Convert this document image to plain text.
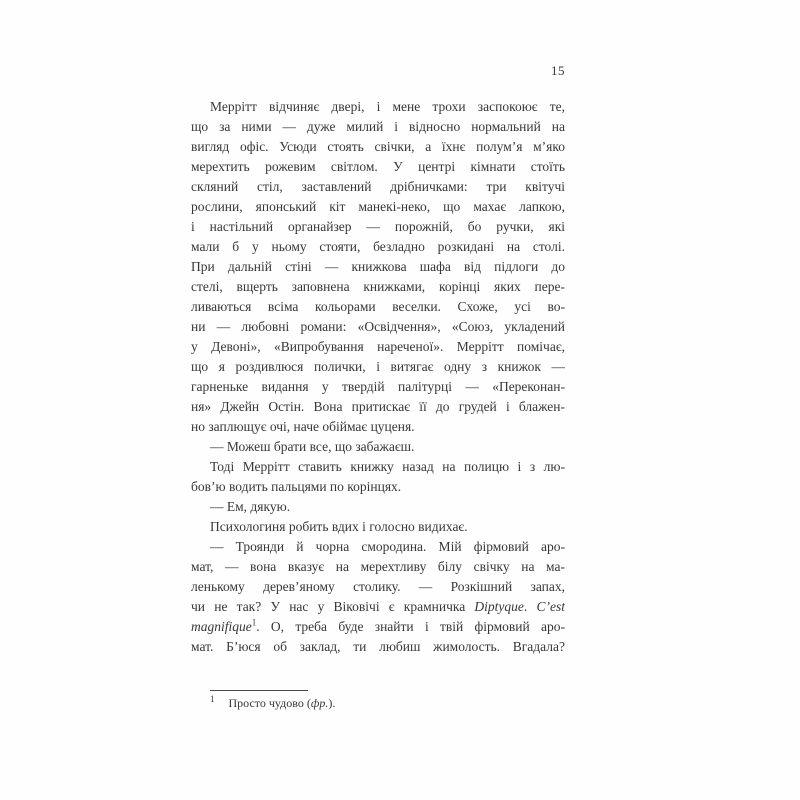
15
Меррітт відчиняє двері, і мене трохи заспокоює те,
що за ними — дуже милий і відносно нормальний на
вигляд офіс. Усюди стоять свічки, а їхнє полум’я м’яко
мерехтить рожевим світлом. У центрі кімнати стоїть
скляний стіл, заставлений дрібничками: три квітучі
рослини, японський кіт манекі-неко, що махає лапкою,
і настільний органайзер — порожній, бо ручки, які
мали б у ньому стояти, безладно розкидані на столі.
При дальній стіні — книжкова шафа від підлоги до
стелі, вщерть заповнена книжками, корінці яких пере-
ливаються всіма кольорами веселки. Схоже, усі во-
ни — любовні романи: «Освідчення», «Союз, укладений
у Девоні», «Випробування нареченої». Меррітт помічає,
що я роздивлюся полички, і витягає одну з книжок —
гарненьке видання у твердій палітурці — «Переконан-
ня» Джейн Остін. Вона притискає її до грудей і блажен-
но заплющує очі, наче обіймає цуценя.
— Можеш брати все, що забажаєш.
Тоді Меррітт ставить книжку назад на полицю і з лю-
бов’ю водить пальцями по корінцях.
— Ем, дякую.
Психологиня робить вдих і голосно видихає.
— Троянди й чорна смородина. Мій фірмовий аро-
мат, — вона вказує на мерехтливу білу свічку на ма-
ленькому дерев’яному столику. — Розкішний запах,
чи не так? У нас у Віковічі є крамничка Diptyque. C’est
magnifique$^1$. О, треба буде знайти і твій фірмовий аро-
мат. Б’юся об заклад, ти любиш жимолость. Вгадала?
$^1$ Просто чудово (фр.).
